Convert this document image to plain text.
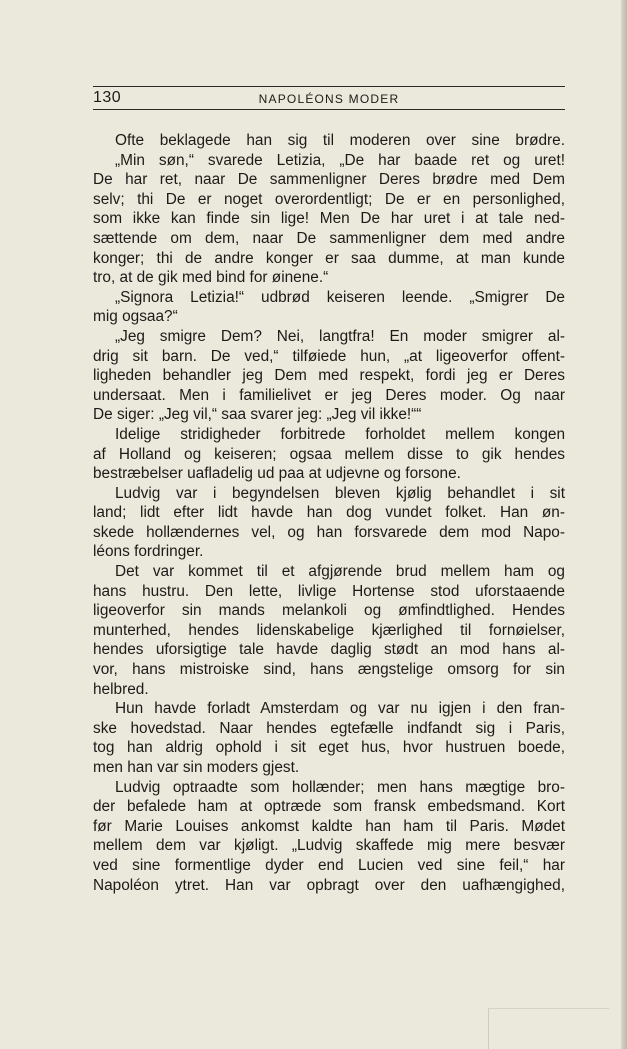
130	NAPOLÉONS MODER
Ofte beklagede han sig til moderen over sine brødre.
„Min søn,“ svarede Letizia, „De har baade ret og uret!
De har ret, naar De sammenligner Deres brødre med Dem
selv; thi De er noget overordentligt; De er en personlighed,
som ikke kan finde sin lige! Men De har uret i at tale ned-
sættende om dem, naar De sammenligner dem med andre
konger; thi de andre konger er saa dumme, at man kunde
tro, at de gik med bind for øinene.“
„Signora Letizia!“ udbrød keiseren leende. „Smigrer De
mig ogsaa?“
„Jeg smigre Dem? Nei, langtfra! En moder smigrer al-
drig sit barn. De ved,“ tilføiede hun, „at ligeoverfor offent-
ligheden behandler jeg Dem med respekt, fordi jeg er Deres
undersaat. Men i familielivet er jeg Deres moder. Og naar
De siger: „Jeg vil,“ saa svarer jeg: „Jeg vil ikke!““
Idelige stridigheder forbitrede forholdet mellem kongen
af Holland og keiseren; ogsaa mellem disse to gik hendes
bestræbelser uafladelig ud paa at udjevne og forsone.
Ludvig var i begyndelsen bleven kjølig behandlet i sit
land; lidt efter lidt havde han dog vundet folket. Han øn-
skede hollændernes vel, og han forsvarede dem mod Napo-
léons fordringer.
Det var kommet til et afgjørende brud mellem ham og
hans hustru. Den lette, livlige Hortense stod uforstaaende
ligeoverfor sin mands melankoli og ømfindtlighed. Hendes
munterhed, hendes lidenskabelige kjærlighed til fornøielser,
hendes uforsigtige tale havde daglig stødt an mod hans al-
vor, hans mistroiske sind, hans ængstelige omsorg for sin
helbred.
Hun havde forladt Amsterdam og var nu igjen i den fran-
ske hovedstad. Naar hendes egtefælle indfandt sig i Paris,
tog han aldrig ophold i sit eget hus, hvor hustruen boede,
men han var sin moders gjest.
Ludvig optraadte som hollænder; men hans mægtige bro-
der befalede ham at optræde som fransk embedsmand. Kort
før Marie Louises ankomst kaldte han ham til Paris. Mødet
mellem dem var kjøligt. „Ludvig skaffede mig mere besvær
ved sine formentlige dyder end Lucien ved sine feil,“ har
Napoléon ytret. Han var opbragt over den uafhængighed,
